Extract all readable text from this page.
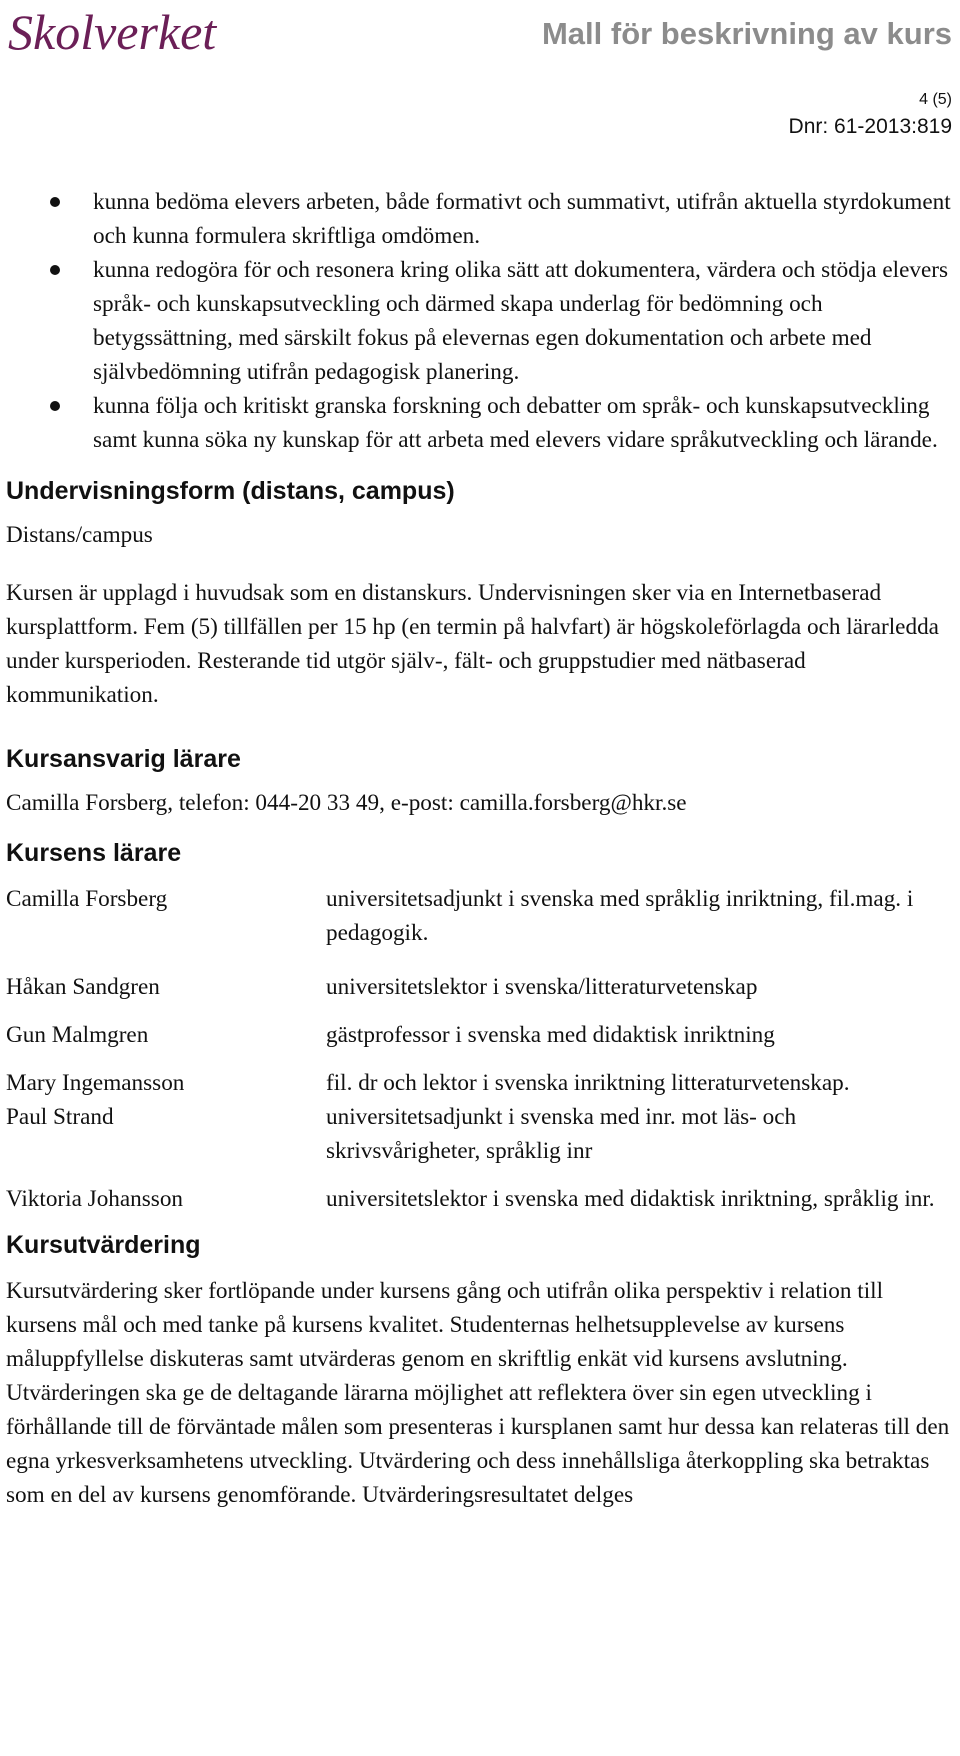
Skolverket	Mall för beskrivning av kurs
4 (5)
Dnr: 61-2013:819
kunna bedöma elevers arbeten, både formativt och summativt, utifrån aktuella styrdokument och kunna formulera skriftliga omdömen.
kunna redogöra för och resonera kring olika sätt att dokumentera, värdera och stödja elevers språk- och kunskapsutveckling och därmed skapa underlag för bedömning och betygssättning, med särskilt fokus på elevernas egen dokumentation och arbete med självbedömning utifrån pedagogisk planering.
kunna följa och kritiskt granska forskning och debatter om språk- och kunskapsutveckling samt kunna söka ny kunskap för att arbeta med elevers vidare språkutveckling och lärande.
Undervisningsform (distans, campus)

Distans/campus

Kursen är upplagd i huvudsak som en distanskurs. Undervisningen sker via en Internetbaserad kursplattform. Fem (5) tillfällen per 15 hp (en termin på halvfart) är högskoleförlagda och lärarledda under kursperioden. Resterande tid utgör själv-, fält- och gruppstudier med nätbaserad kommunikation.

Kursansvarig lärare

Camilla Forsberg, telefon: 044-20 33 49, e-post: camilla.forsberg@hkr.se

Kursens lärare
Camilla Forsberg	universitetsadjunkt i svenska med språklig inriktning, fil.mag. i pedagogik.
Håkan Sandgren	universitetslektor i svenska/litteraturvetenskap
Gun Malmgren	gästprofessor i svenska med didaktisk inriktning
Mary Ingemansson	fil. dr och lektor i svenska inriktning litteraturvetenskap.
Paul Strand	universitetsadjunkt i svenska med inr. mot läs- och skrivsvårigheter, språklig inr
Viktoria Johansson	universitetslektor i svenska med didaktisk inriktning, språklig inr.
Kursutvärdering

Kursutvärdering sker fortlöpande under kursens gång och utifrån olika perspektiv i relation till kursens mål och med tanke på kursens kvalitet. Studenternas helhetsupplevelse av kursens måluppfyllelse diskuteras samt utvärderas genom en skriftlig enkät vid kursens avslutning. Utvärderingen ska ge de deltagande lärarna möjlighet att reflektera över sin egen utveckling i förhållande till de förväntade målen som presenteras i kursplanen samt hur dessa kan relateras till den egna yrkesverksamhetens utveckling. Utvärdering och dess innehållsliga återkoppling ska betraktas som en del av kursens genomförande. Utvärderingsresultatet delges
